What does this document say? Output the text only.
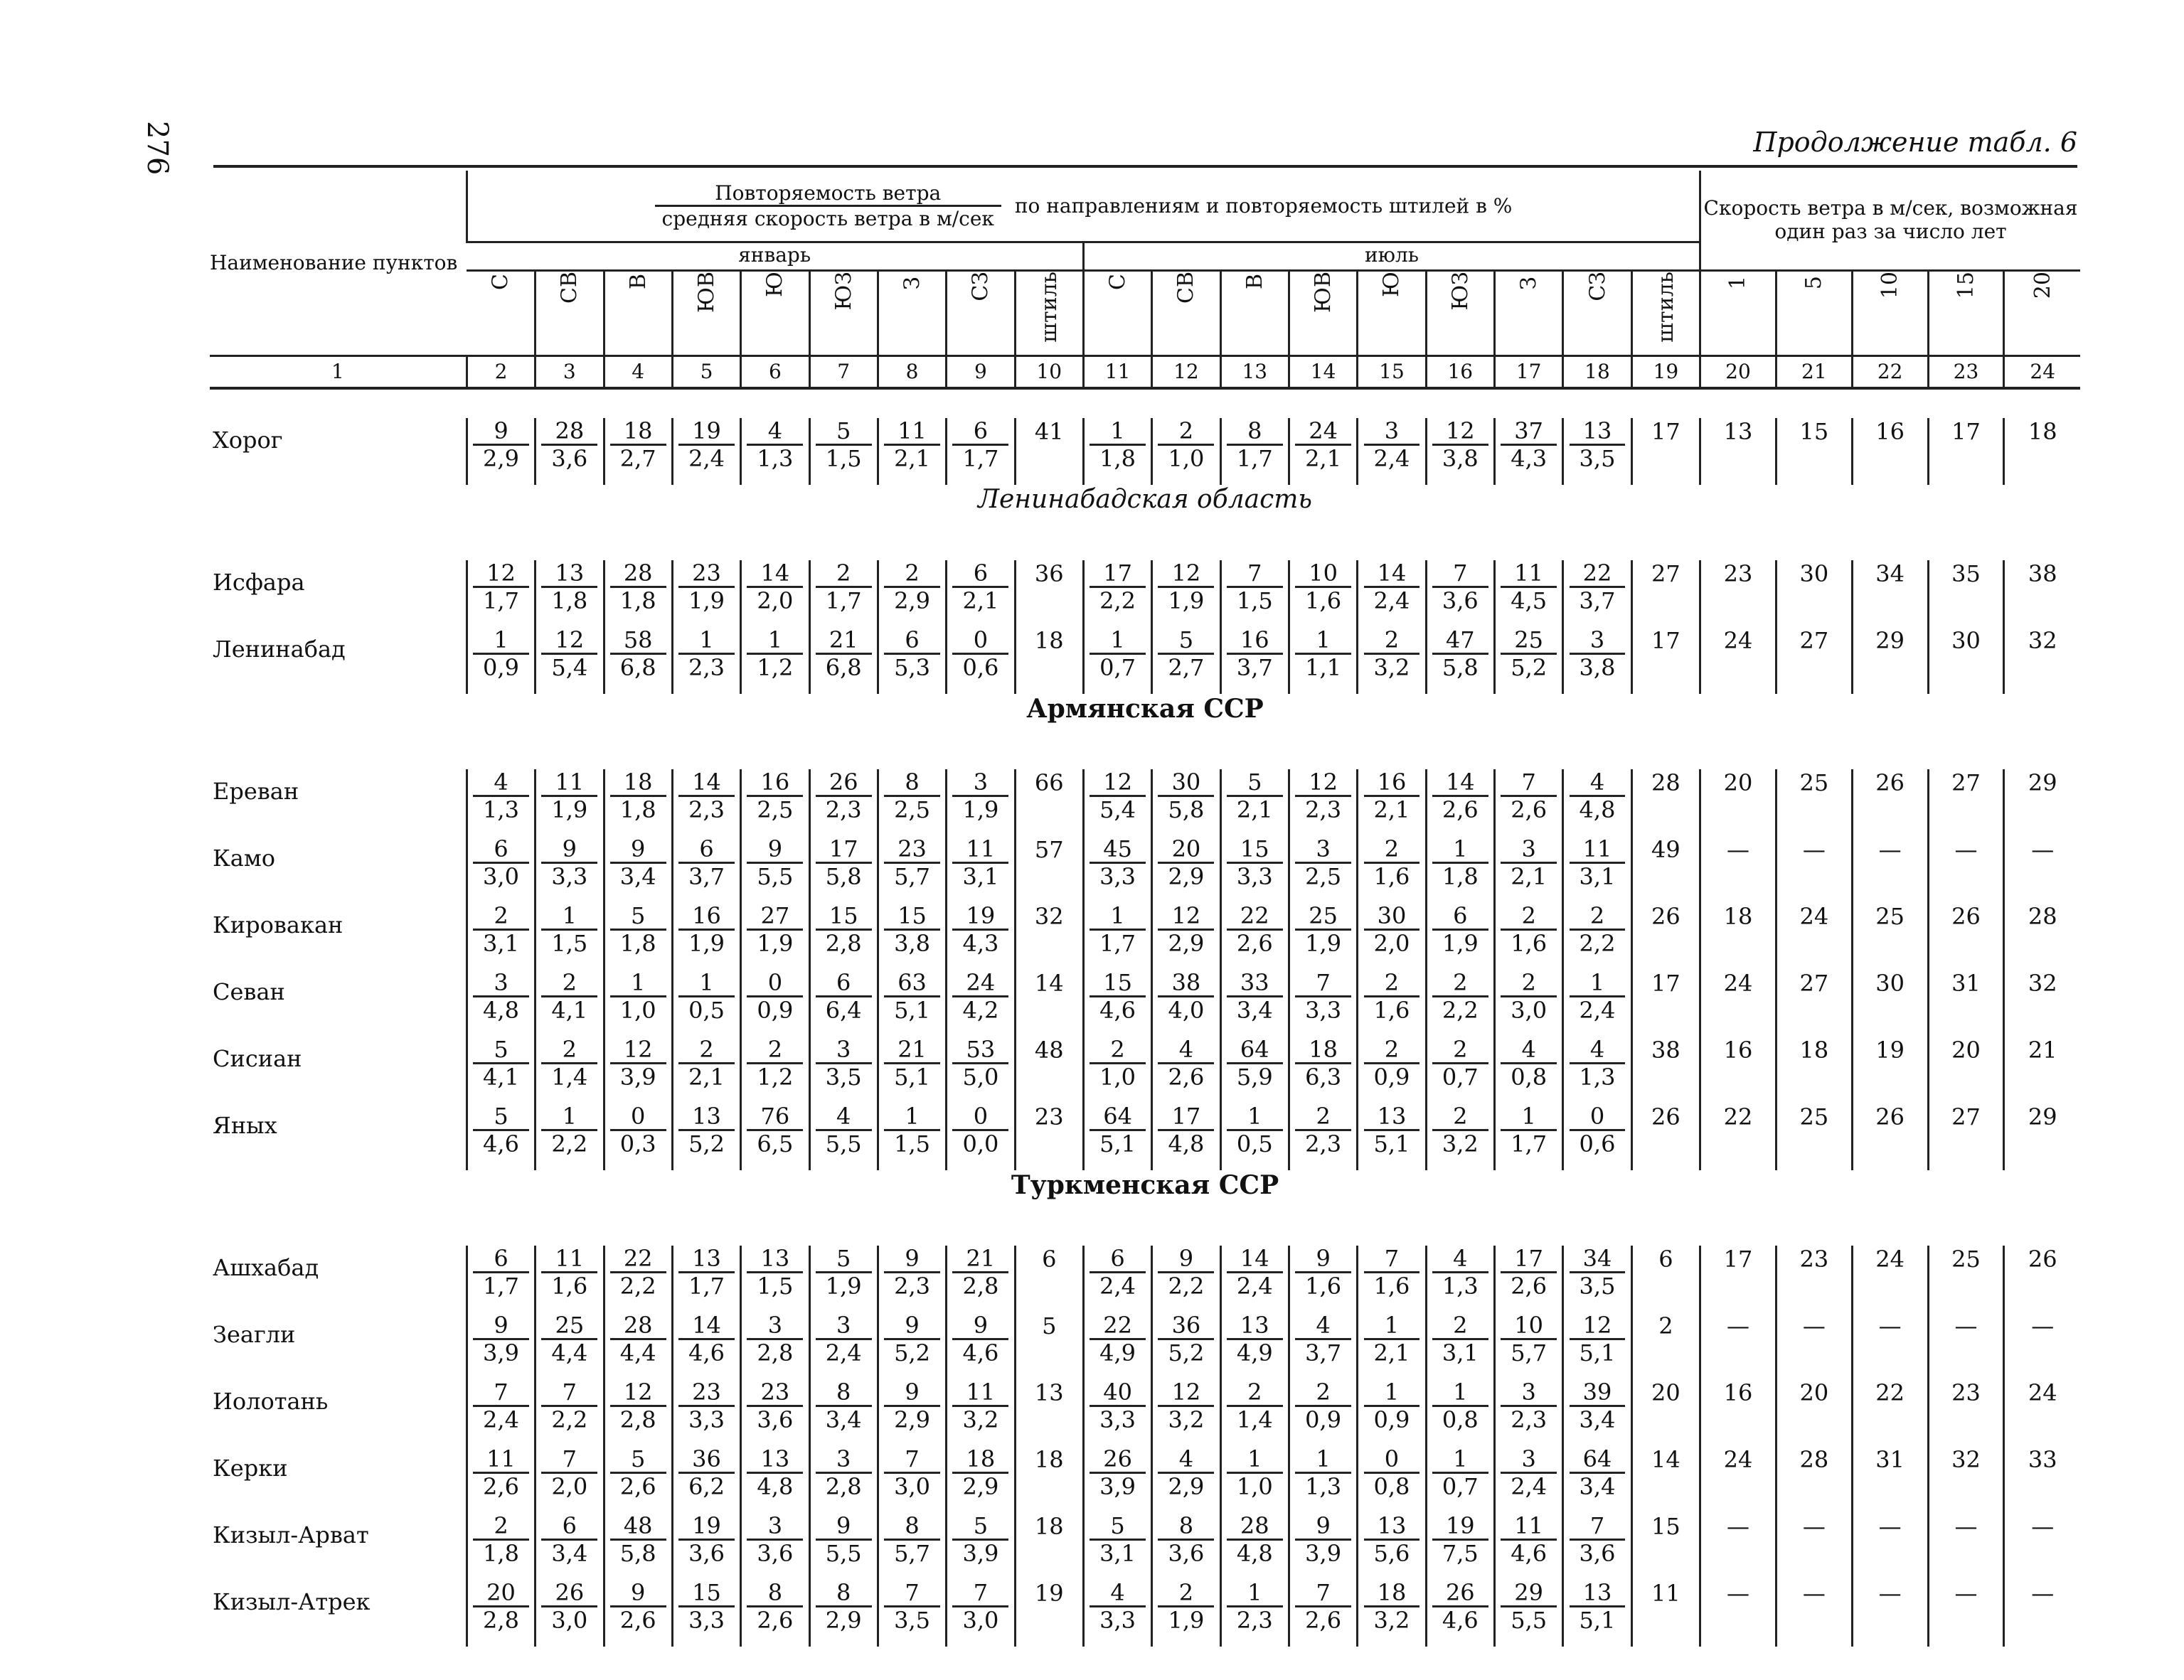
276	Продолжение табл. 6
Наименование пунктов	Повторяемость ветра
средняя скорость ветра в м/сек
по направлениям и повторяемость штилей в %																		Скорость ветра в м/сек, возможная один раз за число лет				
	январь									июль													
	С	СВ	В	ЮВ	Ю	ЮЗ	З	СЗ	штиль	С	СВ	В	ЮВ	Ю	ЮЗ	З	СЗ	штиль	1	5	10	15	20
1	2	3	4	5	6	7	8	9	10	11	12	13	14	15	16	17	18	19	20	21	22	23	24

Хорог	$\frac{9}{2,9}$	$\frac{28}{3,6}$	$\frac{18}{2,7}$	$\frac{19}{2,4}$	$\frac{4}{1,3}$	$\frac{5}{1,5}$	$\frac{11}{2,1}$	$\frac{6}{1,7}$	41	$\frac{1}{1,8}$	$\frac{2}{1,0}$	$\frac{8}{1,7}$	$\frac{24}{2,1}$	$\frac{3}{2,4}$	$\frac{12}{3,8}$	$\frac{37}{4,3}$	$\frac{13}{3,5}$	17	13	15	16	17	18
Ленинабадская область																							

Исфара	$\frac{12}{1,7}$	$\frac{13}{1,8}$	$\frac{28}{1,8}$	$\frac{23}{1,9}$	$\frac{14}{2,0}$	$\frac{2}{1,7}$	$\frac{2}{2,9}$	$\frac{6}{2,1}$	36	$\frac{17}{2,2}$	$\frac{12}{1,9}$	$\frac{7}{1,5}$	$\frac{10}{1,6}$	$\frac{14}{2,4}$	$\frac{7}{3,6}$	$\frac{11}{4,5}$	$\frac{22}{3,7}$	27	23	30	34	35	38
Ленинабад	$\frac{1}{0,9}$	$\frac{12}{5,4}$	$\frac{58}{6,8}$	$\frac{1}{2,3}$	$\frac{1}{1,2}$	$\frac{21}{6,8}$	$\frac{6}{5,3}$	$\frac{0}{0,6}$	18	$\frac{1}{0,7}$	$\frac{5}{2,7}$	$\frac{16}{3,7}$	$\frac{1}{1,1}$	$\frac{2}{3,2}$	$\frac{47}{5,8}$	$\frac{25}{5,2}$	$\frac{3}{3,8}$	17	24	27	29	30	32
Армянская ССР																							

Ереван	$\frac{4}{1,3}$	$\frac{11}{1,9}$	$\frac{18}{1,8}$	$\frac{14}{2,3}$	$\frac{16}{2,5}$	$\frac{26}{2,3}$	$\frac{8}{2,5}$	$\frac{3}{1,9}$	66	$\frac{12}{5,4}$	$\frac{30}{5,8}$	$\frac{5}{2,1}$	$\frac{12}{2,3}$	$\frac{16}{2,1}$	$\frac{14}{2,6}$	$\frac{7}{2,6}$	$\frac{4}{4,8}$	28	20	25	26	27	29
Камо	$\frac{6}{3,0}$	$\frac{9}{3,3}$	$\frac{9}{3,4}$	$\frac{6}{3,7}$	$\frac{9}{5,5}$	$\frac{17}{5,8}$	$\frac{23}{5,7}$	$\frac{11}{3,1}$	57	$\frac{45}{3,3}$	$\frac{20}{2,9}$	$\frac{15}{3,3}$	$\frac{3}{2,5}$	$\frac{2}{1,6}$	$\frac{1}{1,8}$	$\frac{3}{2,1}$	$\frac{11}{3,1}$	49	—	—	—	—	—
Кировакан	$\frac{2}{3,1}$	$\frac{1}{1,5}$	$\frac{5}{1,8}$	$\frac{16}{1,9}$	$\frac{27}{1,9}$	$\frac{15}{2,8}$	$\frac{15}{3,8}$	$\frac{19}{4,3}$	32	$\frac{1}{1,7}$	$\frac{12}{2,9}$	$\frac{22}{2,6}$	$\frac{25}{1,9}$	$\frac{30}{2,0}$	$\frac{6}{1,9}$	$\frac{2}{1,6}$	$\frac{2}{2,2}$	26	18	24	25	26	28
Севан	$\frac{3}{4,8}$	$\frac{2}{4,1}$	$\frac{1}{1,0}$	$\frac{1}{0,5}$	$\frac{0}{0,9}$	$\frac{6}{6,4}$	$\frac{63}{5,1}$	$\frac{24}{4,2}$	14	$\frac{15}{4,6}$	$\frac{38}{4,0}$	$\frac{33}{3,4}$	$\frac{7}{3,3}$	$\frac{2}{1,6}$	$\frac{2}{2,2}$	$\frac{2}{3,0}$	$\frac{1}{2,4}$	17	24	27	30	31	32
Сисиан	$\frac{5}{4,1}$	$\frac{2}{1,4}$	$\frac{12}{3,9}$	$\frac{2}{2,1}$	$\frac{2}{1,2}$	$\frac{3}{3,5}$	$\frac{21}{5,1}$	$\frac{53}{5,0}$	48	$\frac{2}{1,0}$	$\frac{4}{2,6}$	$\frac{64}{5,9}$	$\frac{18}{6,3}$	$\frac{2}{0,9}$	$\frac{2}{0,7}$	$\frac{4}{0,8}$	$\frac{4}{1,3}$	38	16	18	19	20	21
Яных	$\frac{5}{4,6}$	$\frac{1}{2,2}$	$\frac{0}{0,3}$	$\frac{13}{5,2}$	$\frac{76}{6,5}$	$\frac{4}{5,5}$	$\frac{1}{1,5}$	$\frac{0}{0,0}$	23	$\frac{64}{5,1}$	$\frac{17}{4,8}$	$\frac{1}{0,5}$	$\frac{2}{2,3}$	$\frac{13}{5,1}$	$\frac{2}{3,2}$	$\frac{1}{1,7}$	$\frac{0}{0,6}$	26	22	25	26	27	29
Туркменская ССР																							

Ашхабад	$\frac{6}{1,7}$	$\frac{11}{1,6}$	$\frac{22}{2,2}$	$\frac{13}{1,7}$	$\frac{13}{1,5}$	$\frac{5}{1,9}$	$\frac{9}{2,3}$	$\frac{21}{2,8}$	6	$\frac{6}{2,4}$	$\frac{9}{2,2}$	$\frac{14}{2,4}$	$\frac{9}{1,6}$	$\frac{7}{1,6}$	$\frac{4}{1,3}$	$\frac{17}{2,6}$	$\frac{34}{3,5}$	6	17	23	24	25	26
Зеагли	$\frac{9}{3,9}$	$\frac{25}{4,4}$	$\frac{28}{4,4}$	$\frac{14}{4,6}$	$\frac{3}{2,8}$	$\frac{3}{2,4}$	$\frac{9}{5,2}$	$\frac{9}{4,6}$	5	$\frac{22}{4,9}$	$\frac{36}{5,2}$	$\frac{13}{4,9}$	$\frac{4}{3,7}$	$\frac{1}{2,1}$	$\frac{2}{3,1}$	$\frac{10}{5,7}$	$\frac{12}{5,1}$	2	—	—	—	—	—
Иолотань	$\frac{7}{2,4}$	$\frac{7}{2,2}$	$\frac{12}{2,8}$	$\frac{23}{3,3}$	$\frac{23}{3,6}$	$\frac{8}{3,4}$	$\frac{9}{2,9}$	$\frac{11}{3,2}$	13	$\frac{40}{3,3}$	$\frac{12}{3,2}$	$\frac{2}{1,4}$	$\frac{2}{0,9}$	$\frac{1}{0,9}$	$\frac{1}{0,8}$	$\frac{3}{2,3}$	$\frac{39}{3,4}$	20	16	20	22	23	24
Керки	$\frac{11}{2,6}$	$\frac{7}{2,0}$	$\frac{5}{2,6}$	$\frac{36}{6,2}$	$\frac{13}{4,8}$	$\frac{3}{2,8}$	$\frac{7}{3,0}$	$\frac{18}{2,9}$	18	$\frac{26}{3,9}$	$\frac{4}{2,9}$	$\frac{1}{1,0}$	$\frac{1}{1,3}$	$\frac{0}{0,8}$	$\frac{1}{0,7}$	$\frac{3}{2,4}$	$\frac{64}{3,4}$	14	24	28	31	32	33
Кизыл-Арват	$\frac{2}{1,8}$	$\frac{6}{3,4}$	$\frac{48}{5,8}$	$\frac{19}{3,6}$	$\frac{3}{3,6}$	$\frac{9}{5,5}$	$\frac{8}{5,7}$	$\frac{5}{3,9}$	18	$\frac{5}{3,1}$	$\frac{8}{3,6}$	$\frac{28}{4,8}$	$\frac{9}{3,9}$	$\frac{13}{5,6}$	$\frac{19}{7,5}$	$\frac{11}{4,6}$	$\frac{7}{3,6}$	15	—	—	—	—	—
Кизыл-Атрек	$\frac{20}{2,8}$	$\frac{26}{3,0}$	$\frac{9}{2,6}$	$\frac{15}{3,3}$	$\frac{8}{2,6}$	$\frac{8}{2,9}$	$\frac{7}{3,5}$	$\frac{7}{3,0}$	19	$\frac{4}{3,3}$	$\frac{2}{1,9}$	$\frac{1}{2,3}$	$\frac{7}{2,6}$	$\frac{18}{3,2}$	$\frac{26}{4,6}$	$\frac{29}{5,5}$	$\frac{13}{5,1}$	11	—	—	—	—	—
